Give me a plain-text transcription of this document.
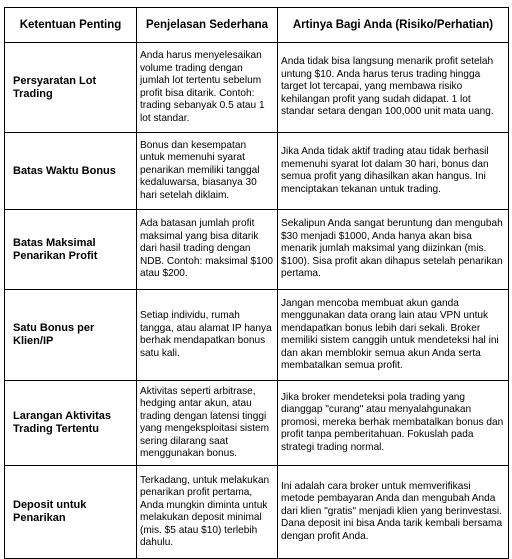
Ketentuan Penting	Penjelasan Sederhana	Artinya Bagi Anda (Risiko/Perhatian)
Persyaratan Lot Trading	Anda harus menyelesaikan volume trading dengan jumlah lot tertentu sebelum profit bisa ditarik. Contoh: trading sebanyak 0.5 atau 1 lot standar.	Anda tidak bisa langsung menarik profit setelah untung $10. Anda harus terus trading hingga target lot tercapai, yang membawa risiko kehilangan profit yang sudah didapat. 1 lot standar setara dengan 100,000 unit mata uang.
Batas Waktu Bonus	Bonus dan kesempatan untuk memenuhi syarat penarikan memiliki tanggal kedaluwarsa, biasanya 30 hari setelah diklaim.	Jika Anda tidak aktif trading atau tidak berhasil memenuhi syarat lot dalam 30 hari, bonus dan semua profit yang dihasilkan akan hangus. Ini menciptakan tekanan untuk trading.
Batas Maksimal Penarikan Profit	Ada batasan jumlah profit maksimal yang bisa ditarik dari hasil trading dengan NDB. Contoh: maksimal $100 atau $200.	Sekalipun Anda sangat beruntung dan mengubah $30 menjadi $1000, Anda hanya akan bisa menarik jumlah maksimal yang diizinkan (mis. $100). Sisa profit akan dihapus setelah penarikan pertama.
Satu Bonus per Klien/IP	Setiap individu, rumah tangga, atau alamat IP hanya berhak mendapatkan bonus satu kali.	Jangan mencoba membuat akun ganda menggunakan data orang lain atau VPN untuk mendapatkan bonus lebih dari sekali. Broker memiliki sistem canggih untuk mendeteksi hal ini dan akan memblokir semua akun Anda serta membatalkan semua profit.
Larangan Aktivitas Trading Tertentu	Aktivitas seperti arbitrase, hedging antar akun, atau trading dengan latensi tinggi yang mengeksploitasi sistem sering dilarang saat menggunakan bonus.	Jika broker mendeteksi pola trading yang dianggap "curang" atau menyalahgunakan promosi, mereka berhak membatalkan bonus dan profit tanpa pemberitahuan. Fokuslah pada strategi trading normal.
Deposit untuk Penarikan	Terkadang, untuk melakukan penarikan profit pertama, Anda mungkin diminta untuk melakukan deposit minimal (mis. $5 atau $10) terlebih dahulu.	Ini adalah cara broker untuk memverifikasi metode pembayaran Anda dan mengubah Anda dari klien "gratis" menjadi klien yang berinvestasi. Dana deposit ini bisa Anda tarik kembali bersama dengan profit Anda.
